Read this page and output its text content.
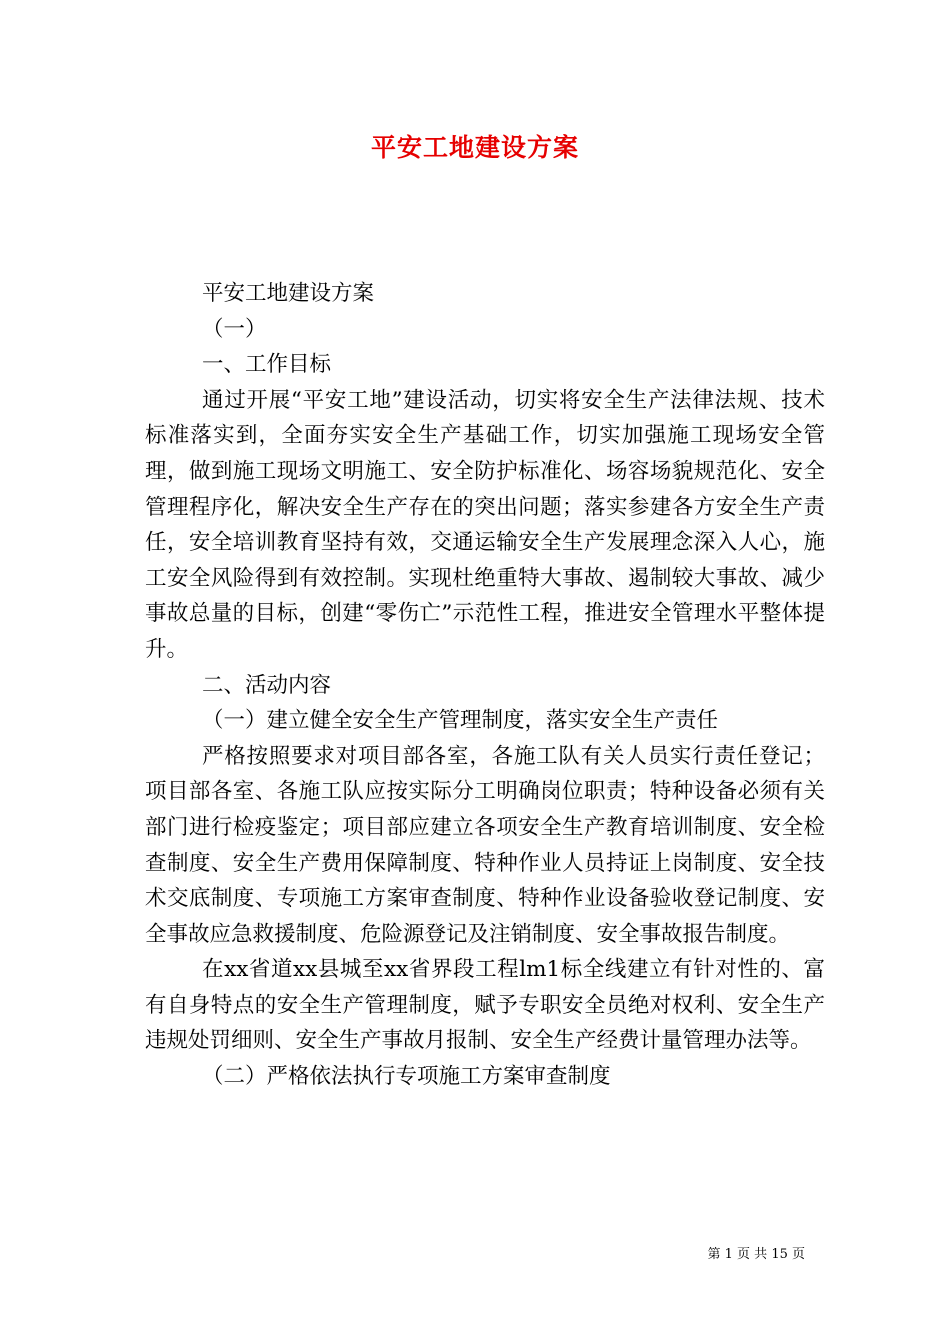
平安工地建设方案

平安工地建设方案

（一）

一、工作目标

通过开展“平安工地”建设活动，切实将安全生产法律法规、技术标准落实到，全面夯实安全生产基础工作，切实加强施工现场安全管理，做到施工现场文明施工、安全防护标准化、场容场貌规范化、安全管理程序化，解决安全生产存在的突出问题；落实参建各方安全生产责任，安全培训教育坚持有效，交通运输安全生产发展理念深入人心，施工安全风险得到有效控制。实现杜绝重特大事故、遏制较大事故、减少事故总量的目标，创建“零伤亡”示范性工程，推进安全管理水平整体提升。

二、活动内容

（一）建立健全安全生产管理制度，落实安全生产责任

严格按照要求对项目部各室，各施工队有关人员实行责任登记；项目部各室、各施工队应按实际分工明确岗位职责；特种设备必须有关部门进行检疫鉴定；项目部应建立各项安全生产教育培训制度、安全检查制度、安全生产费用保障制度、特种作业人员持证上岗制度、安全技术交底制度、专项施工方案审查制度、特种作业设备验收登记制度、安全事故应急救援制度、危险源登记及注销制度、安全事故报告制度。

在xx省道xx县城至xx省界段工程lm1标全线建立有针对性的、富有自身特点的安全生产管理制度，赋予专职安全员绝对权利、安全生产违规处罚细则、安全生产事故月报制、安全生产经费计量管理办法等。

（二）严格依法执行专项施工方案审查制度

第 1 页 共 15 页
